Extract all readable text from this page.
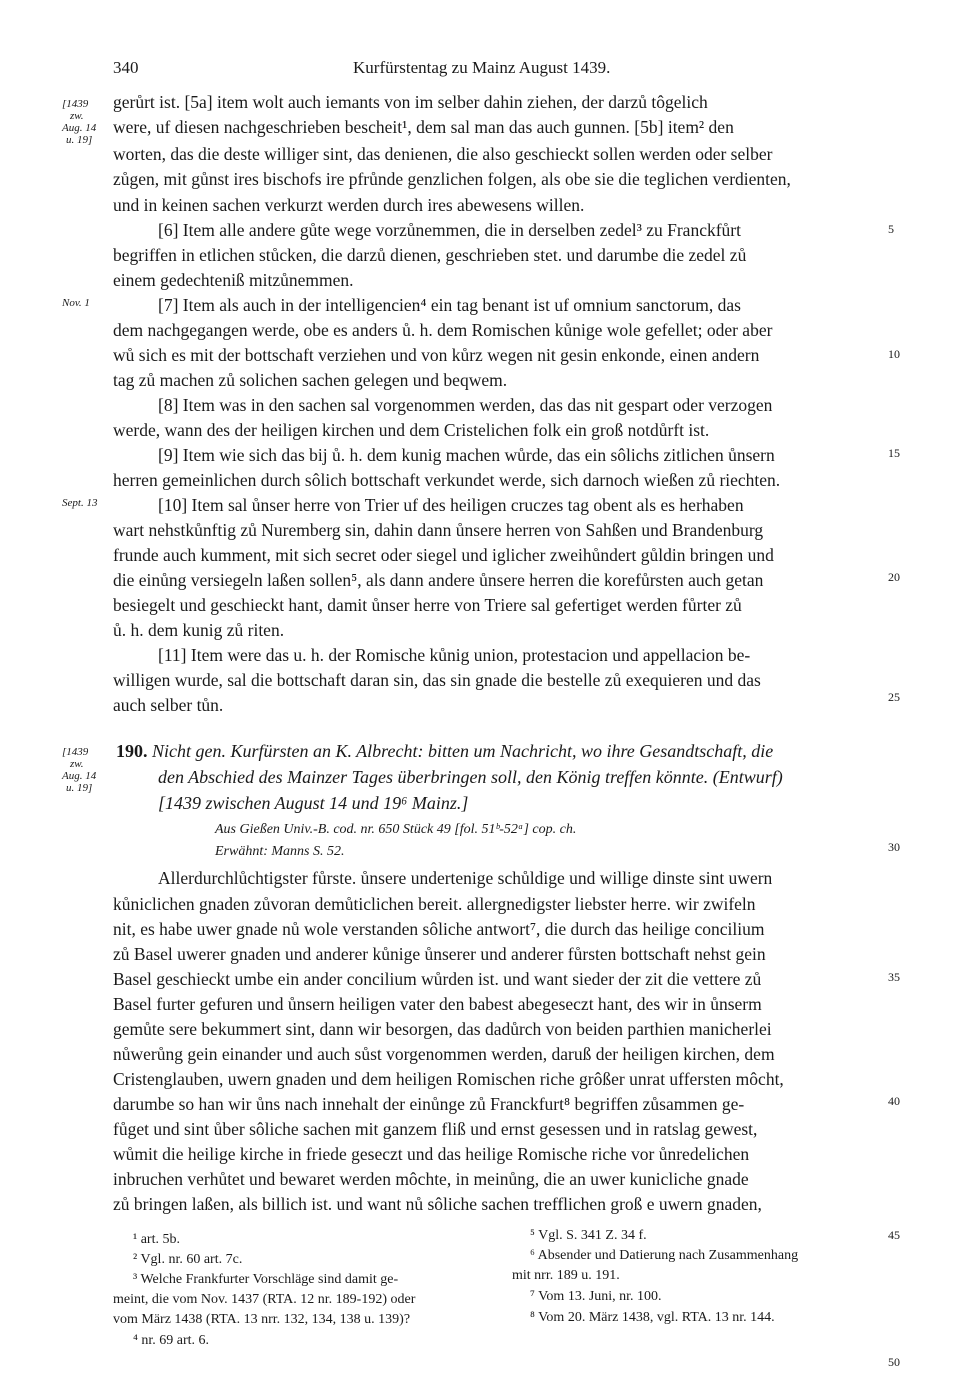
340	Kurfürstentag zu Mainz August 1439.
[1439
zw.
Aug. 14
u. 19]
Nov. 1
Sept. 13
[1439
zw.
Aug. 14
u. 19]
5
10
15
20
25
30
35
40
45
50
gerůrt ist. [5a] item wolt auch iemants von im selber dahin ziehen, der darzů tôgelich
were, uf diesen nachgeschrieben bescheit¹, dem sal man das auch gunnen. [5b] item² den
worten, das die deste williger sint, das denienen, die also geschieckt sollen werden oder selber
zůgen, mit gůnst ires bischofs ire pfrůnde genzlichen folgen, als obe sie die teglichen verdienten,
und in keinen sachen verkurzt werden durch ires abewesens willen.
[6] Item alle andere gůte wege vorzůnemmen, die in derselben zedel³ zu Franckfůrt
begriffen in etlichen stůcken, die darzů dienen, geschrieben stet. und darumbe die zedel zů
einem gedechteniß mitzůnemmen.
[7] Item als auch in der intelligencien⁴ ein tag benant ist uf omnium sanctorum, das
dem nachgegangen werde, obe es anders ů. h. dem Romischen kůnige wole gefellet; oder aber
wů sich es mit der bottschaft verziehen und von kůrz wegen nit gesin enkonde, einen andern
tag zů machen zů solichen sachen gelegen und beqwem.
[8] Item was in den sachen sal vorgenommen werden, das das nit gespart oder verzogen
werde, wann des der heiligen kirchen und dem Cristelichen folk ein groß notdůrft ist.
[9] Item wie sich das bij ů. h. dem kunig machen wůrde, das ein sôlichs zitlichen ůnsern
herren gemeinlichen durch sôlich bottschaft verkundet werde, sich darnoch wießen zů riechten.
[10] Item sal ůnser herre von Trier uf des heiligen cruczes tag obent als es herhaben
wart nehstkůnftig zů Nuremberg sin, dahin dann ůnsere herren von Sahßen und Brandenburg
frunde auch kumment, mit sich secret oder siegel und iglicher zweihůndert gůldin bringen und
die einůng versiegeln laßen sollen⁵, als dann andere ůnsere herren die korefůrsten auch getan
besiegelt und geschieckt hant, damit ůnser herre von Triere sal gefertiget werden fůrter zů
ů. h. dem kunig zů riten.
[11] Item were das u. h. der Romische kůnig union, protestacion und appellacion be-
willigen wurde, sal die bottschaft daran sin, das sin gnade die bestelle zů exequieren und das
auch selber tůn.
190. Nicht gen. Kurfürsten an K. Albrecht: bitten um Nachricht, wo ihre Gesandtschaft, die
den Abschied des Mainzer Tages überbringen soll, den König treffen könnte. (Entwurf)
[1439 zwischen August 14 und 19⁶ Mainz.]
Aus Gießen Univ.-B. cod. nr. 650 Stück 49 [fol. 51ᵇ-52ᵃ] cop. ch.
Erwähnt: Manns S. 52.
Allerdurchlůchtigster fůrste. ůnsere undertenige schůldige und willige dinste sint uwern
kůniclichen gnaden zůvoran demůticlichen bereit. allergnedigster liebster herre. wir zwifeln
nit, es habe uwer gnade nů wole verstanden sôliche antwort⁷, die durch das heilige concilium
zů Basel uwerer gnaden und anderer kůnige ůnserer und anderer fůrsten bottschaft nehst gein
Basel geschieckt umbe ein ander concilium wůrden ist. und want sieder der zit die vettere zů
Basel furter gefuren und ůnsern heiligen vater den babest abegeseczt hant, des wir in ůnserm
gemůte sere bekummert sint, dann wir besorgen, das dadůrch von beiden parthien manicherlei
nůwerůng gein einander und auch sůst vorgenommen werden, daruß der heiligen kirchen, dem
Cristenglauben, uwern gnaden und dem heiligen Romischen riche grôßer unrat uffersten môcht,
darumbe so han wir ůns nach innehalt der einůnge zů Franckfurt⁸ begriffen zůsammen ge-
fůget und sint ůber sôliche sachen mit ganzem fliß und ernst gesessen und in ratslag gewest,
wůmit die heilige kirche in friede geseczt und das heilige Romische riche vor ůnredelichen
inbruchen verhůtet und bewaret werden môchte, in meinůng, die an uwer kunicliche gnade
zů bringen laßen, als billich ist. und want nů sôliche sachen trefflichen groß e uwern gnaden,
¹ art. 5b.
² Vgl. nr. 60 art. 7c.
³ Welche Frankfurter Vorschläge sind damit ge-
meint, die vom Nov. 1437 (RTA. 12 nr. 189-192) oder
vom März 1438 (RTA. 13 nrr. 132, 134, 138 u. 139)?
⁴ nr. 69 art. 6.
⁵ Vgl. S. 341 Z. 34 f.
⁶ Absender und Datierung nach Zusammenhang
mit nrr. 189 u. 191.
⁷ Vom 13. Juni, nr. 100.
⁸ Vom 20. März 1438, vgl. RTA. 13 nr. 144.
